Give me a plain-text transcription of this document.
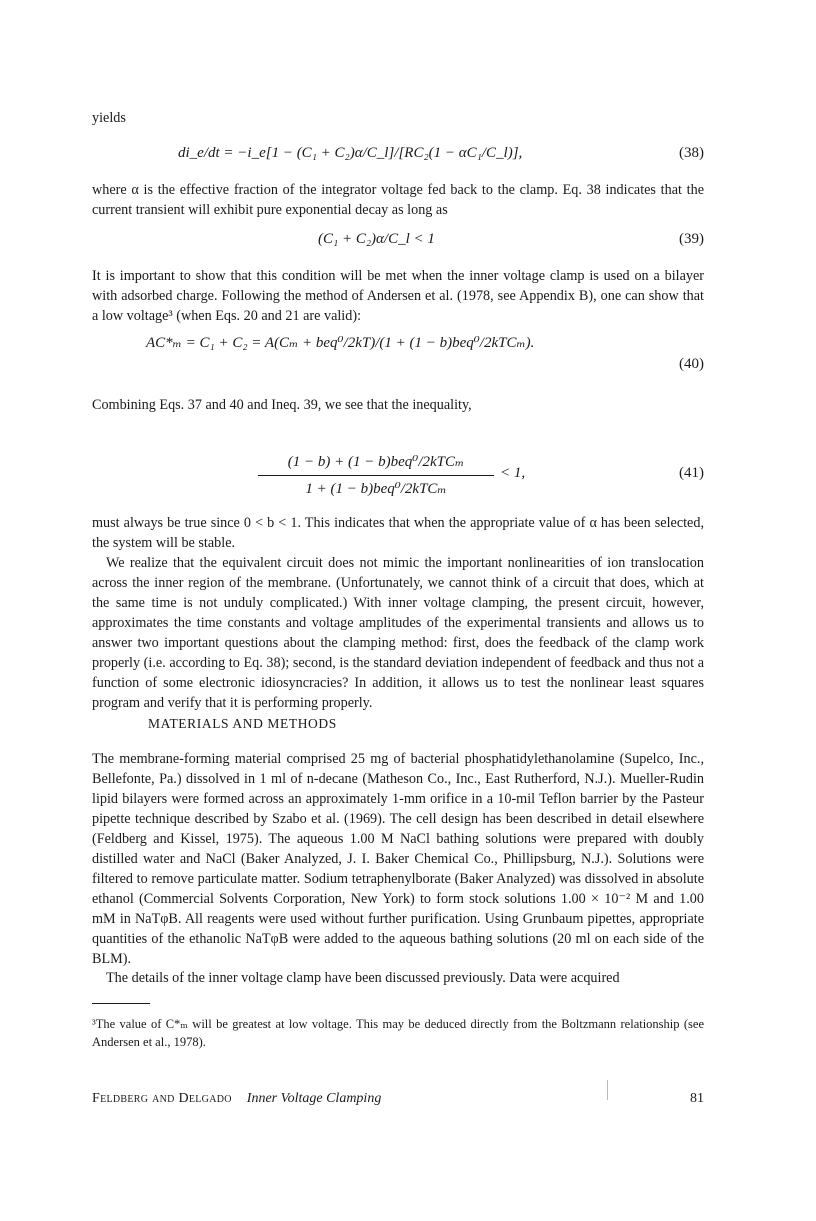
yields
di_e/dt = −i_e[1 − (C₁ + C₂)α/C_l]/[RC₂(1 − αC₁/C_l)],	(38)
where α is the effective fraction of the integrator voltage fed back to the clamp. Eq. 38 indicates that the current transient will exhibit pure exponential decay as long as
(C₁ + C₂)α/C_l < 1	(39)
It is important to show that this condition will be met when the inner voltage clamp is used on a bilayer with adsorbed charge. Following the method of Andersen et al. (1978, see Appendix B), one can show that a low voltage³ (when Eqs. 20 and 21 are valid):
AC*ₘ = C₁ + C₂ = A(Cₘ + beq⁰/2kT)/(1 + (1 − b)beq⁰/2kTCₘ).
(40)
Combining Eqs. 37 and 40 and Ineq. 39, we see that the inequality,
(1 − b) + (1 − b)beq⁰/2kTCₘ
1 + (1 − b)beq⁰/2kTCₘ
< 1,	(41)
must always be true since 0 < b < 1. This indicates that when the appropriate value of α has been selected, the system will be stable.
We realize that the equivalent circuit does not mimic the important nonlinearities of ion translocation across the inner region of the membrane. (Unfortunately, we cannot think of a circuit that does, which at the same time is not unduly complicated.) With inner voltage clamping, the present circuit, however, approximates the time constants and voltage amplitudes of the experimental transients and allows us to answer two important questions about the clamping method: first, does the feedback of the clamp work properly (i.e. according to Eq. 38); second, is the standard deviation independent of feedback and thus not a function of some electronic idiosyncracies? In addition, it allows us to test the nonlinear least squares program and verify that it is performing properly.
MATERIALS AND METHODS
The membrane-forming material comprised 25 mg of bacterial phosphatidylethanolamine (Supelco, Inc., Bellefonte, Pa.) dissolved in 1 ml of n-decane (Matheson Co., Inc., East Rutherford, N.J.). Mueller-Rudin lipid bilayers were formed across an approximately 1-mm orifice in a 10-mil Teflon barrier by the Pasteur pipette technique described by Szabo et al. (1969). The cell design has been described in detail elsewhere (Feldberg and Kissel, 1975). The aqueous 1.00 M NaCl bathing solutions were prepared with doubly distilled water and NaCl (Baker Analyzed, J. I. Baker Chemical Co., Phillipsburg, N.J.). Solutions were filtered to remove particulate matter. Sodium tetraphenylborate (Baker Analyzed) was dissolved in absolute ethanol (Commercial Solvents Corporation, New York) to form stock solutions 1.00 × 10⁻² M and 1.00 mM in NaTφB. All reagents were used without further purification. Using Grunbaum pipettes, appropriate quantities of the ethanolic NaTφB were added to the aqueous bathing solutions (20 ml on each side of the BLM).
The details of the inner voltage clamp have been discussed previously. Data were acquired
³The value of C*ₘ will be greatest at low voltage. This may be deduced directly from the Boltzmann relationship (see Andersen et al., 1978).
Feldberg and Delgado Inner Voltage Clamping	81
